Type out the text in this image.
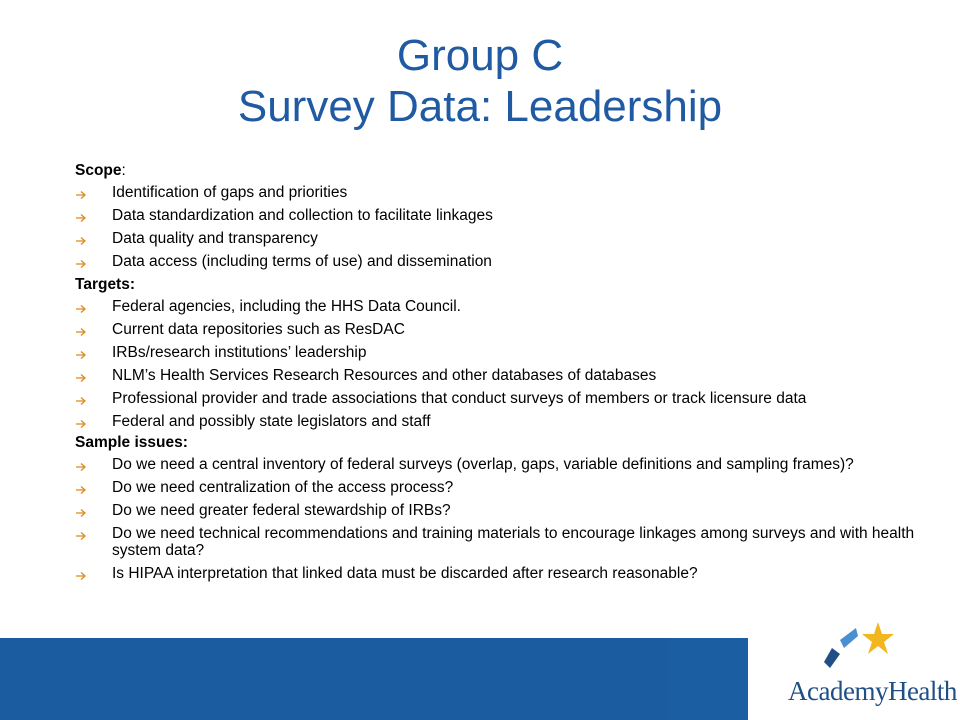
Group C
Survey Data: Leadership
Scope:
Identification of gaps and priorities
Data standardization and collection to facilitate linkages
Data quality and transparency
Data access (including terms of use) and dissemination
Targets:
Federal agencies, including the HHS Data Council.
Current data repositories such as ResDAC
IRBs/research institutions’ leadership
NLM’s Health Services Research Resources and other databases of databases
Professional provider and trade associations that conduct surveys of members or track licensure data
Federal and possibly state legislators and staff
Sample issues:
Do we need a central inventory of federal surveys (overlap, gaps, variable definitions and sampling frames)?
Do we need centralization of the access process?
Do we need greater federal stewardship of IRBs?
Do we need technical recommendations and training materials to encourage linkages among surveys and with health system data?
Is HIPAA interpretation that linked data must be discarded after research reasonable?
AcademyHealth
